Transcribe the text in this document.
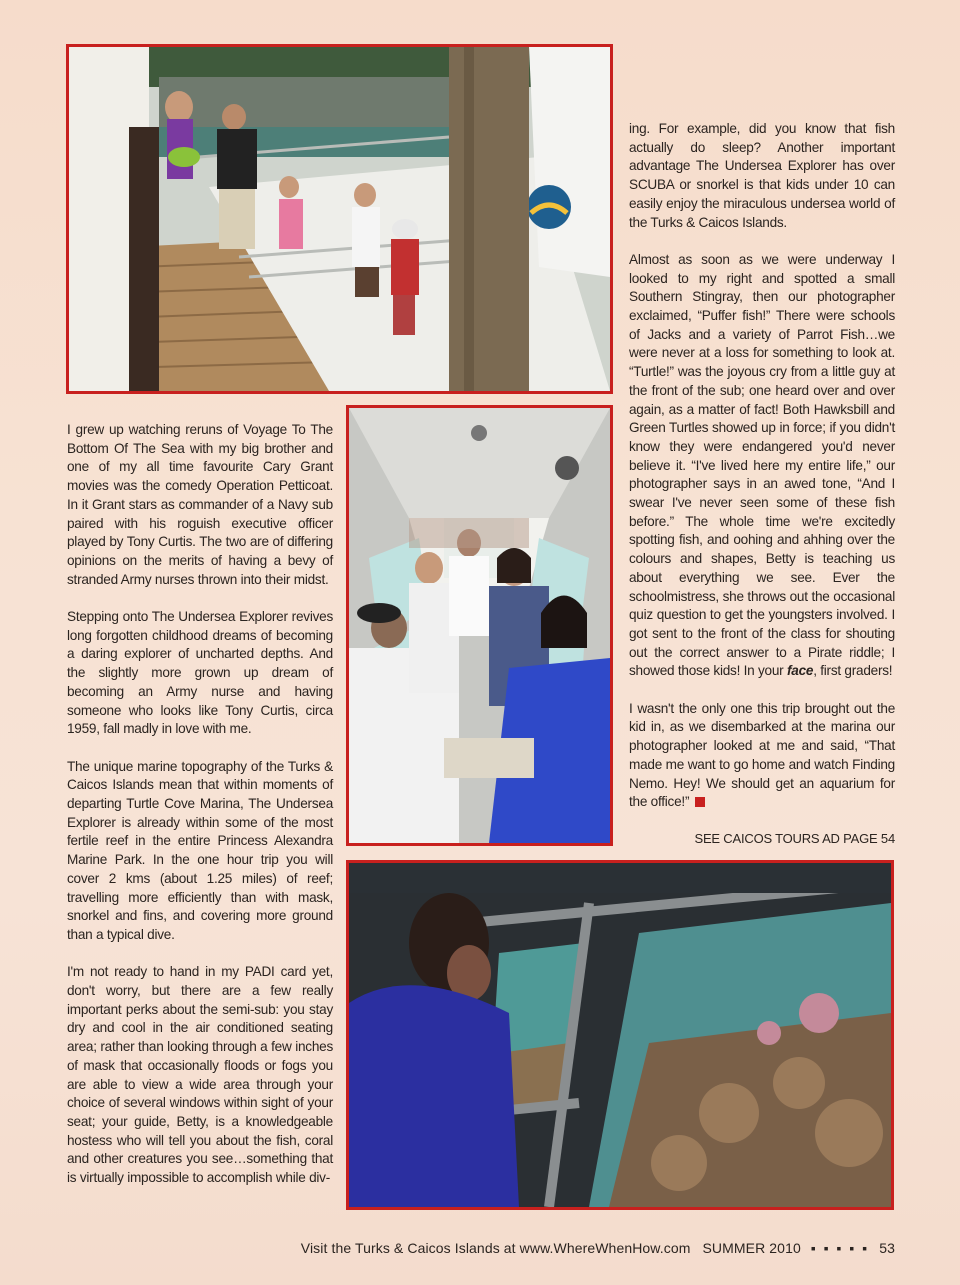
I grew up watching reruns of Voyage To The Bottom Of The Sea with my big brother and one of my all time favourite Cary Grant movies was the comedy Operation Petticoat. In it Grant stars as commander of a Navy sub paired with his roguish executive officer played by Tony Curtis. The two are of differing opinions on the merits of having a bevy of stranded Army nurses thrown into their midst.

Stepping onto The Undersea Explorer revives long forgotten childhood dreams of becoming a daring explorer of uncharted depths. And the slightly more grown up dream of becoming an Army nurse and having someone who looks like Tony Curtis, circa 1959, fall madly in love with me.

The unique marine topography of the Turks & Caicos Islands mean that within moments of departing Turtle Cove Marina, The Undersea Explorer is already within some of the most fertile reef in the entire Princess Alexandra Marine Park. In the one hour trip you will cover 2 kms (about 1.25 miles) of reef; travelling more efficiently than with mask, snorkel and fins, and covering more ground than a typical dive.

I'm not ready to hand in my PADI card yet, don't worry, but there are a few really important perks about the semi-sub: you stay dry and cool in the air conditioned seating area; rather than looking through a few inches of mask that occasionally floods or fogs you are able to view a wide area through your choice of several windows within sight of your seat; your guide, Betty, is a knowledgeable hostess who will tell you about the fish, coral and other creatures you see…something that is virtually impossible to accomplish while div-

ing. For example, did you know that fish actually do sleep? Another important advantage The Undersea Explorer has over SCUBA or snorkel is that kids under 10 can easily enjoy the miraculous undersea world of the Turks & Caicos Islands.

Almost as soon as we were underway I looked to my right and spotted a small Southern Stingray, then our photographer exclaimed, “Puffer fish!” There were schools of Jacks and a variety of Parrot Fish…we were never at a loss for something to look at. “Turtle!” was the joyous cry from a little guy at the front of the sub; one heard over and over again, as a matter of fact! Both Hawksbill and Green Turtles showed up in force; if you didn't know they were endangered you'd never believe it. “I've lived here my entire life,” our photographer says in an awed tone, “And I swear I've never seen some of these fish before.” The whole time we're excitedly spotting fish, and oohing and ahhing over the colours and shapes, Betty is teaching us about everything we see. Ever the schoolmistress, she throws out the occasional quiz question to get the youngsters involved. I got sent to the front of the class for shouting out the correct answer to a Pirate riddle; I showed those kids! In your face, first graders!

I wasn't the only one this trip brought out the kid in, as we disembarked at the marina our photographer looked at me and said, “That made me want to go home and watch Finding Nemo. Hey! We should get an aquarium for the office!”

SEE CAICOS TOURS AD PAGE 54
Visit the Turks & Caicos Islands at www.WhereWhenHow.com SUMMER 2010 ▪ ▪ ▪ ▪ ▪ 53
